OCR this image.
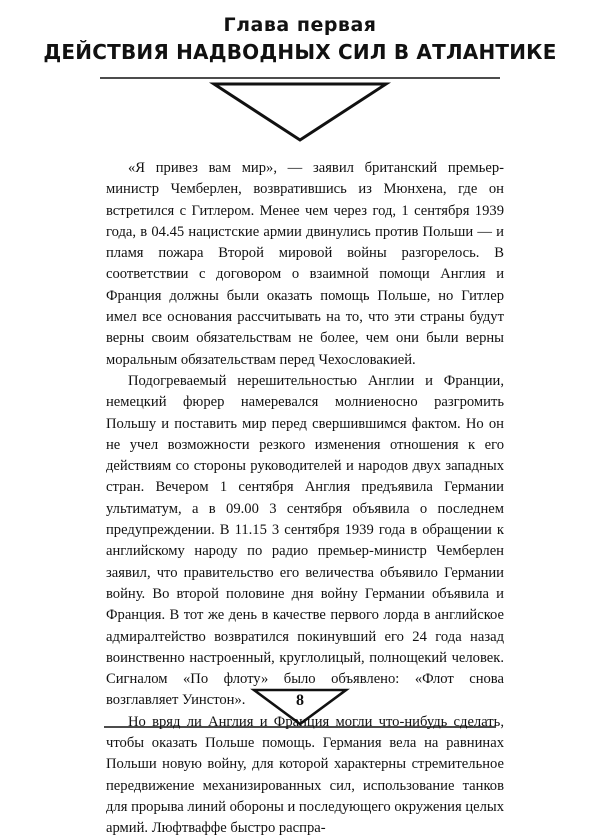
Глава первая
ДЕЙСТВИЯ НАДВОДНЫХ СИЛ В АТЛАНТИКЕ

«Я привез вам мир», — заявил британский премьер-министр Чемберлен, возвратившись из Мюнхена, где он встретился с Гитлером. Менее чем через год, 1 сентября 1939 года, в 04.45 нацистские армии двинулись против Польши — и пламя пожара Второй мировой войны разгорелось. В соответствии с договором о взаимной помощи Англия и Франция должны были оказать помощь Польше, но Гитлер имел все основания рассчитывать на то, что эти страны будут верны своим обязательствам не более, чем они были верны моральным обязательствам перед Чехословакией.

Подогреваемый нерешительностью Англии и Франции, немецкий фюрер намеревался молниеносно разгромить Польшу и поставить мир перед свершившимся фактом. Но он не учел возможности резкого изменения отношения к его действиям со стороны руководителей и народов двух западных стран. Вечером 1 сентября Англия предъявила Германии ультиматум, а в 09.00 3 сентября объявила о последнем предупреждении. В 11.15 3 сентября 1939 года в обращении к английскому народу по радио премьер-министр Чемберлен заявил, что правительство его величества объявило Германии войну. Во второй половине дня войну Германии объявила и Франция. В тот же день в качестве первого лорда в английское адмиралтейство возвратился покинувший его 24 года назад воинственно настроенный, круглолицый, полнощекий человек. Сигналом «По флоту» было объявлено: «Флот снова возглавляет Уинстон».

Но вряд ли Англия и Франция могли что-нибудь сделать, чтобы оказать Польше помощь. Германия вела на равнинах Польши новую войну, для которой характерны стремительное передвижение механизированных сил, использование танков для прорыва линий обороны и последующего окружения целых армий. Люфтваффе быстро распра-

8
